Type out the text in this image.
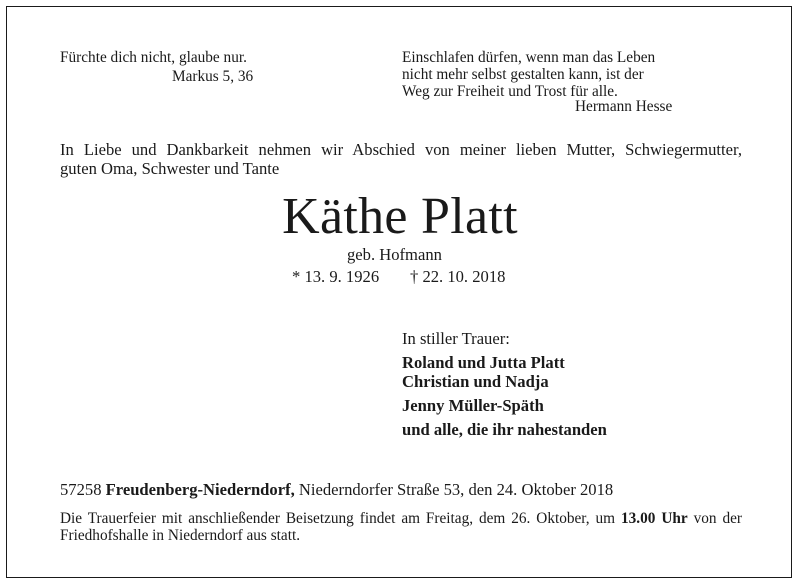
Fürchte dich nicht, glaube nur.
Markus 5, 36
Einschlafen dürfen, wenn man das Leben
nicht mehr selbst gestalten kann, ist der
Weg zur Freiheit und Trost für alle.
Hermann Hesse
In Liebe und Dankbarkeit nehmen wir Abschied von meiner lieben Mutter, Schwiegermutter,
guten Oma, Schwester und Tante
Käthe Platt
geb. Hofmann
* 13. 9. 1926 † 22. 10. 2018
In stiller Trauer:
Roland und Jutta Platt
Christian und Nadja
Jenny Müller-Späth
und alle, die ihr nahestanden
57258 Freudenberg-Niederndorf, Niederndorfer Straße 53, den 24. Oktober 2018
Die Trauerfeier mit anschließender Beisetzung findet am Freitag, dem 26. Oktober, um 13.00 Uhr von der
Friedhofshalle in Niederndorf aus statt.
